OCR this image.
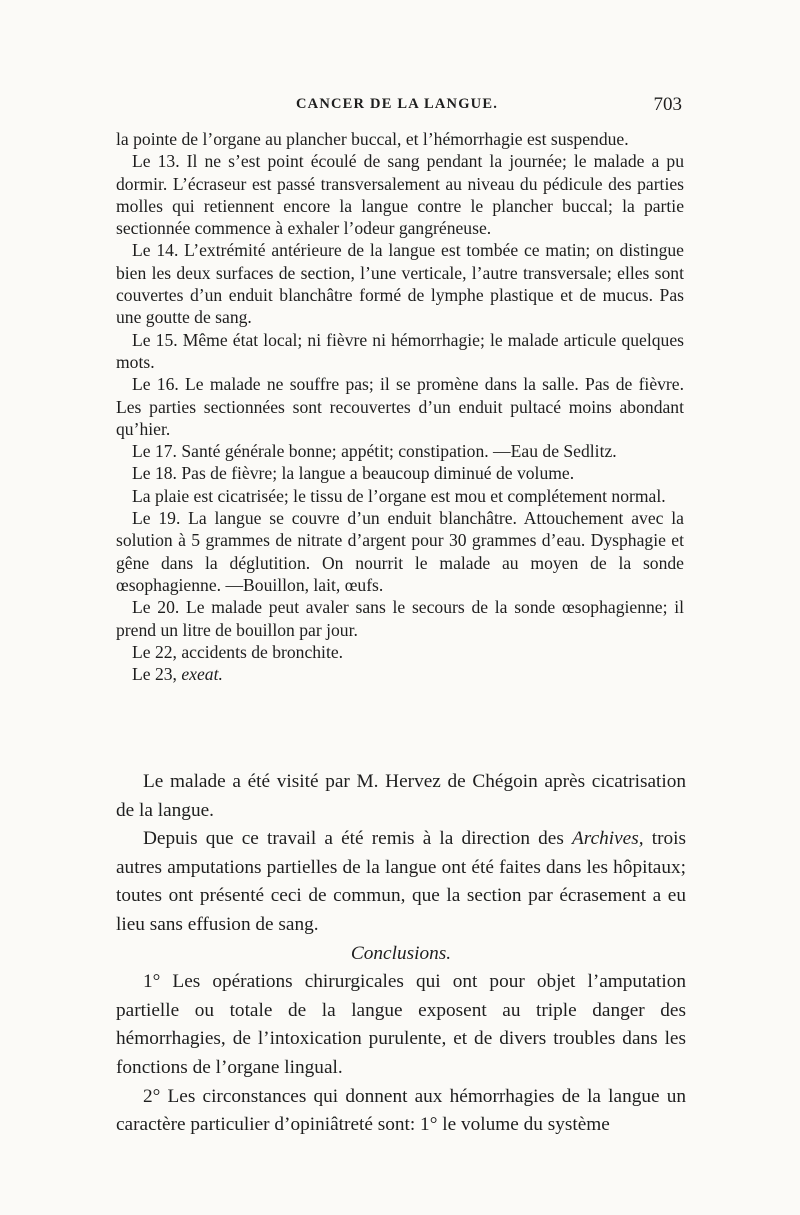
CANCER DE LA LANGUE.	703

la pointe de l’organe au plancher buccal, et l’hémorrhagie est suspendue.

Le 13. Il ne s’est point écoulé de sang pendant la journée; le malade a pu dormir. L’écraseur est passé transversalement au niveau du pédicule des parties molles qui retiennent encore la langue contre le plancher buccal; la partie sectionnée commence à exhaler l’odeur gangréneuse.

Le 14. L’extrémité antérieure de la langue est tombée ce matin; on distingue bien les deux surfaces de section, l’une verticale, l’autre transversale; elles sont couvertes d’un enduit blanchâtre formé de lymphe plastique et de mucus. Pas une goutte de sang.

Le 15. Même état local; ni fièvre ni hémorrhagie; le malade articule quelques mots.

Le 16. Le malade ne souffre pas; il se promène dans la salle. Pas de fièvre. Les parties sectionnées sont recouvertes d’un enduit pultacé moins abondant qu’hier.

Le 17. Santé générale bonne; appétit; constipation. —Eau de Sedlitz.

Le 18. Pas de fièvre; la langue a beaucoup diminué de volume.

La plaie est cicatrisée; le tissu de l’organe est mou et complétement normal.

Le 19. La langue se couvre d’un enduit blanchâtre. Attouchement avec la solution à 5 grammes de nitrate d’argent pour 30 grammes d’eau. Dysphagie et gêne dans la déglutition. On nourrit le malade au moyen de la sonde œsophagienne. —Bouillon, lait, œufs.

Le 20. Le malade peut avaler sans le secours de la sonde œsophagienne; il prend un litre de bouillon par jour.

Le 22, accidents de bronchite.

Le 23, exeat.

Le malade a été visité par M. Hervez de Chégoin après cicatrisation de la langue.

Depuis que ce travail a été remis à la direction des Archives, trois autres amputations partielles de la langue ont été faites dans les hôpitaux; toutes ont présenté ceci de commun, que la section par écrasement a eu lieu sans effusion de sang.

Conclusions.

1° Les opérations chirurgicales qui ont pour objet l’amputation partielle ou totale de la langue exposent au triple danger des hémorrhagies, de l’intoxication purulente, et de divers troubles dans les fonctions de l’organe lingual.

2° Les circonstances qui donnent aux hémorrhagies de la langue un caractère particulier d’opiniâtreté sont: 1° le volume du système
